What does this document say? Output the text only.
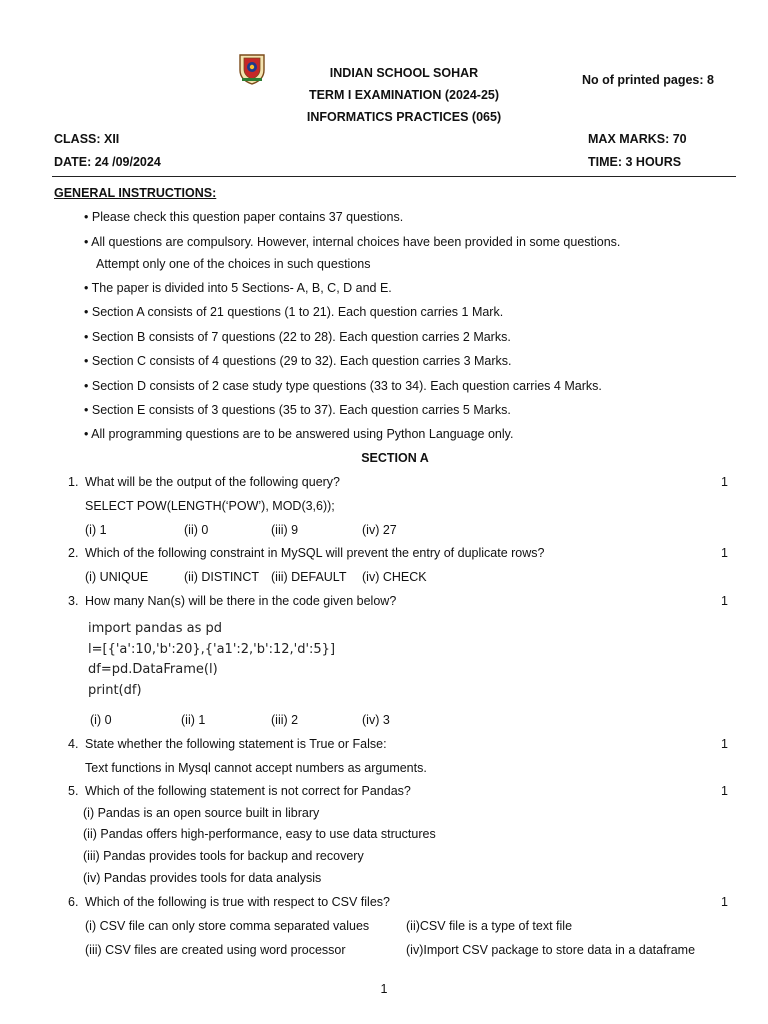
INDIAN SCHOOL SOHAR
TERM I EXAMINATION (2024-25)
INFORMATICS PRACTICES (065)
No of printed pages: 8
CLASS: XII
DATE: 24 /09/2024
MAX MARKS: 70
TIME: 3 HOURS
GENERAL INSTRUCTIONS:
• Please check this question paper contains 37 questions.
• All questions are compulsory. However, internal choices have been provided in some questions.
Attempt only one of the choices in such questions
• The paper is divided into 5 Sections- A, B, C, D and E.
• Section A consists of 21 questions (1 to 21). Each question carries 1 Mark.
• Section B consists of 7 questions (22 to 28). Each question carries 2 Marks.
• Section C consists of 4 questions (29 to 32). Each question carries 3 Marks.
• Section D consists of 2 case study type questions (33 to 34). Each question carries 4 Marks.
• Section E consists of 3 questions (35 to 37). Each question carries 5 Marks.
• All programming questions are to be answered using Python Language only.
SECTION A
1. What will be the output of the following query?	1
SELECT POW(LENGTH(‘POW’), MOD(3,6));
(i) 1	(ii) 0	(iii) 9	(iv) 27
2. Which of the following constraint in MySQL will prevent the entry of duplicate rows?	1
(i) UNIQUE	(ii) DISTINCT (iii) DEFAULT (iv) CHECK
3. How many Nan(s) will be there in the code given below?	1
import pandas as pd
l=[{'a':10,'b':20},{'a1':2,'b':12,'d':5}]
df=pd.DataFrame(l)
print(df)
(i) 0	(ii) 1	(iii) 2	(iv) 3
4. State whether the following statement is True or False:	1
Text functions in Mysql cannot accept numbers as arguments.
5. Which of the following statement is not correct for Pandas?	1
(i) Pandas is an open source built in library
(ii) Pandas offers high-performance, easy to use data structures
(iii) Pandas provides tools for backup and recovery
(iv) Pandas provides tools for data analysis
6. Which of the following is true with respect to CSV files?	1
(i) CSV file can only store comma separated values	(ii)CSV file is a type of text file
(iii) CSV files are created using word processor	(iv)Import CSV package to store data in a dataframe
1
